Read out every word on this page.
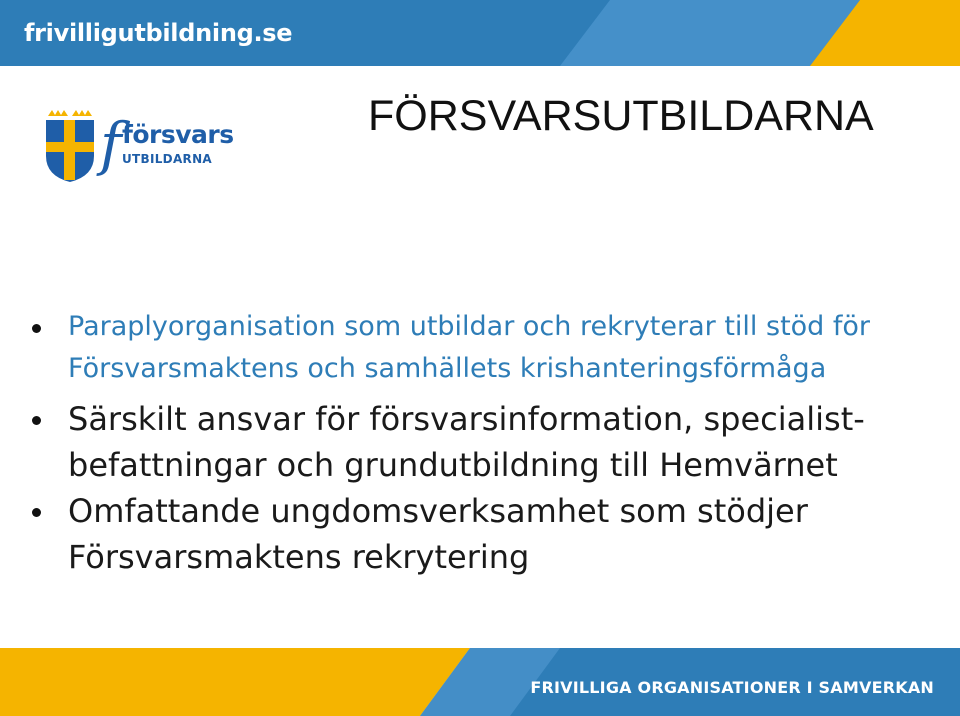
frivilligutbildning.se
f försvars
UTBILDARNA
FÖRSVARSUTBILDARNA
Paraplyorganisation som utbildar och rekryterar till stöd för Försvarsmaktens och samhällets krishanteringsförmåga
Särskilt ansvar för försvarsinformation, specialist-befattningar och grundutbildning till Hemvärnet
Omfattande ungdomsverksamhet som stödjer Försvarsmaktens rekrytering
FRIVILLIGA ORGANISATIONER I SAMVERKAN
